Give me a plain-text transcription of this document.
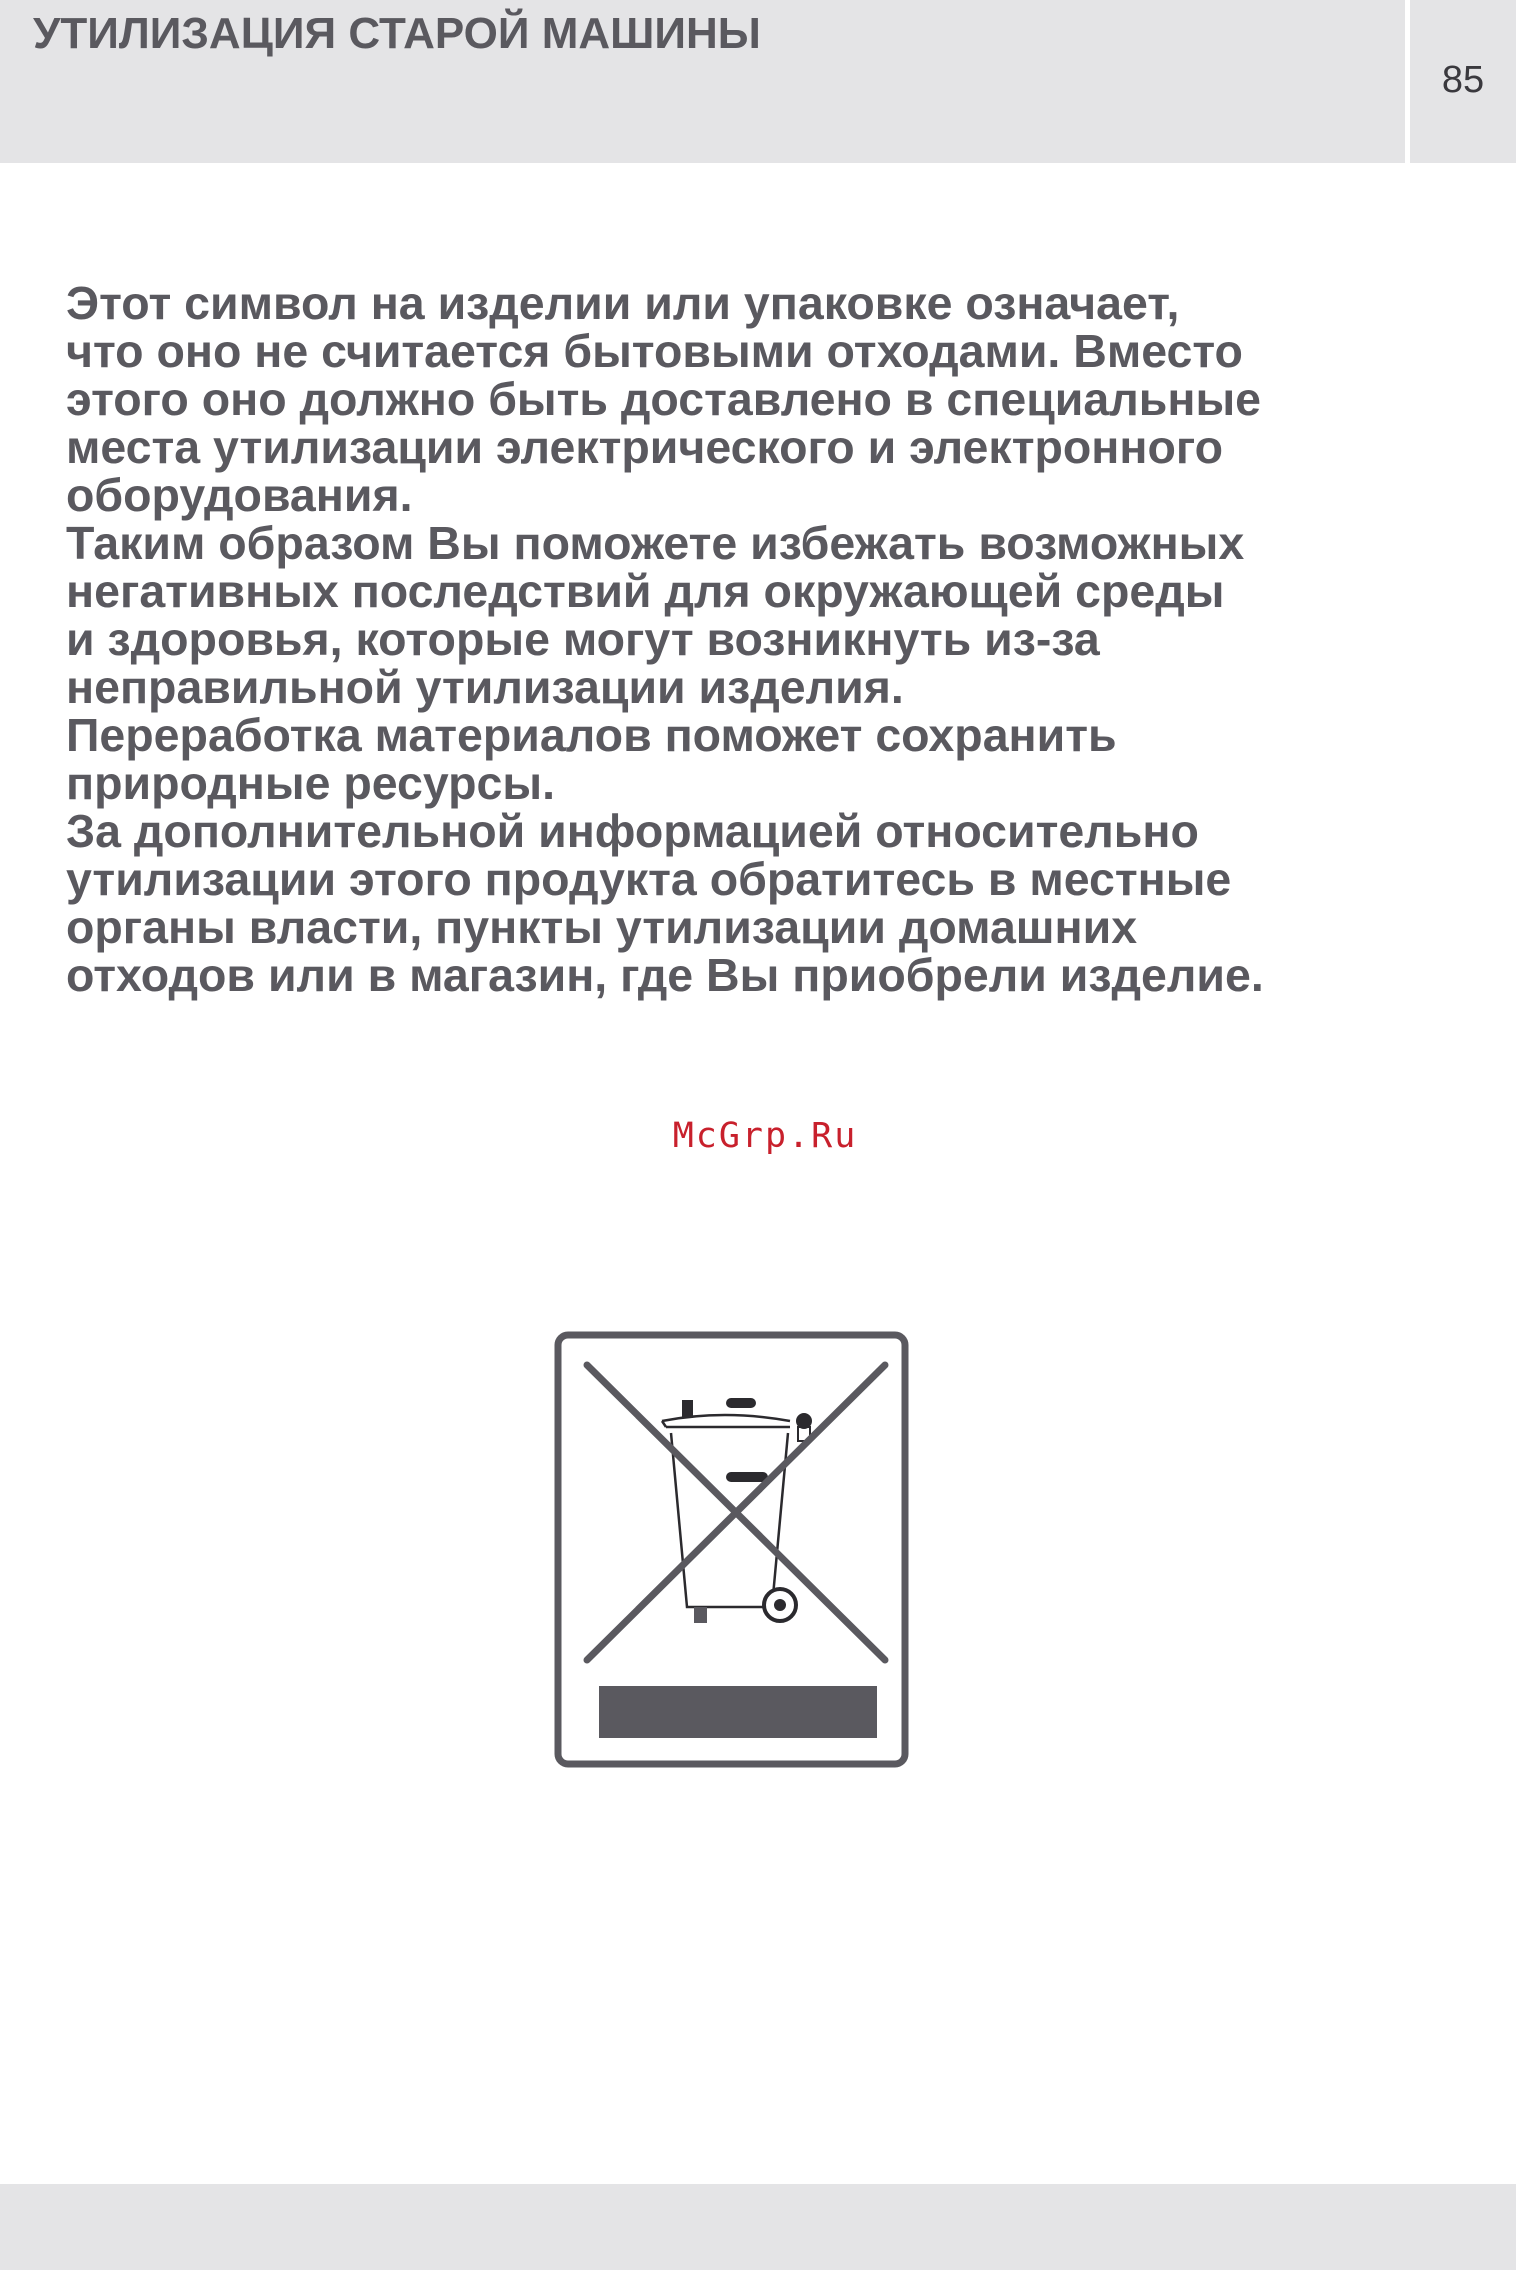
УТИЛИЗАЦИЯ СТАРОЙ МАШИНЫ
85
Этот символ на изделии или упаковке означает,
что оно не считается бытовыми отходами. Вместо
этого оно должно быть доставлено в специальные
места утилизации электрического и электронного
оборудования.
Таким образом Вы поможете избежать возможных
негативных последствий для окружающей среды
и здоровья, которые могут возникнуть из-за
неправильной утилизации изделия.
Переработка материалов поможет сохранить
природные ресурсы.
За дополнительной информацией относительно
утилизации этого продукта обратитесь в местные
органы власти, пункты утилизации домашних
отходов или в магазин, где Вы приобрели изделие.
McGrp.Ru
